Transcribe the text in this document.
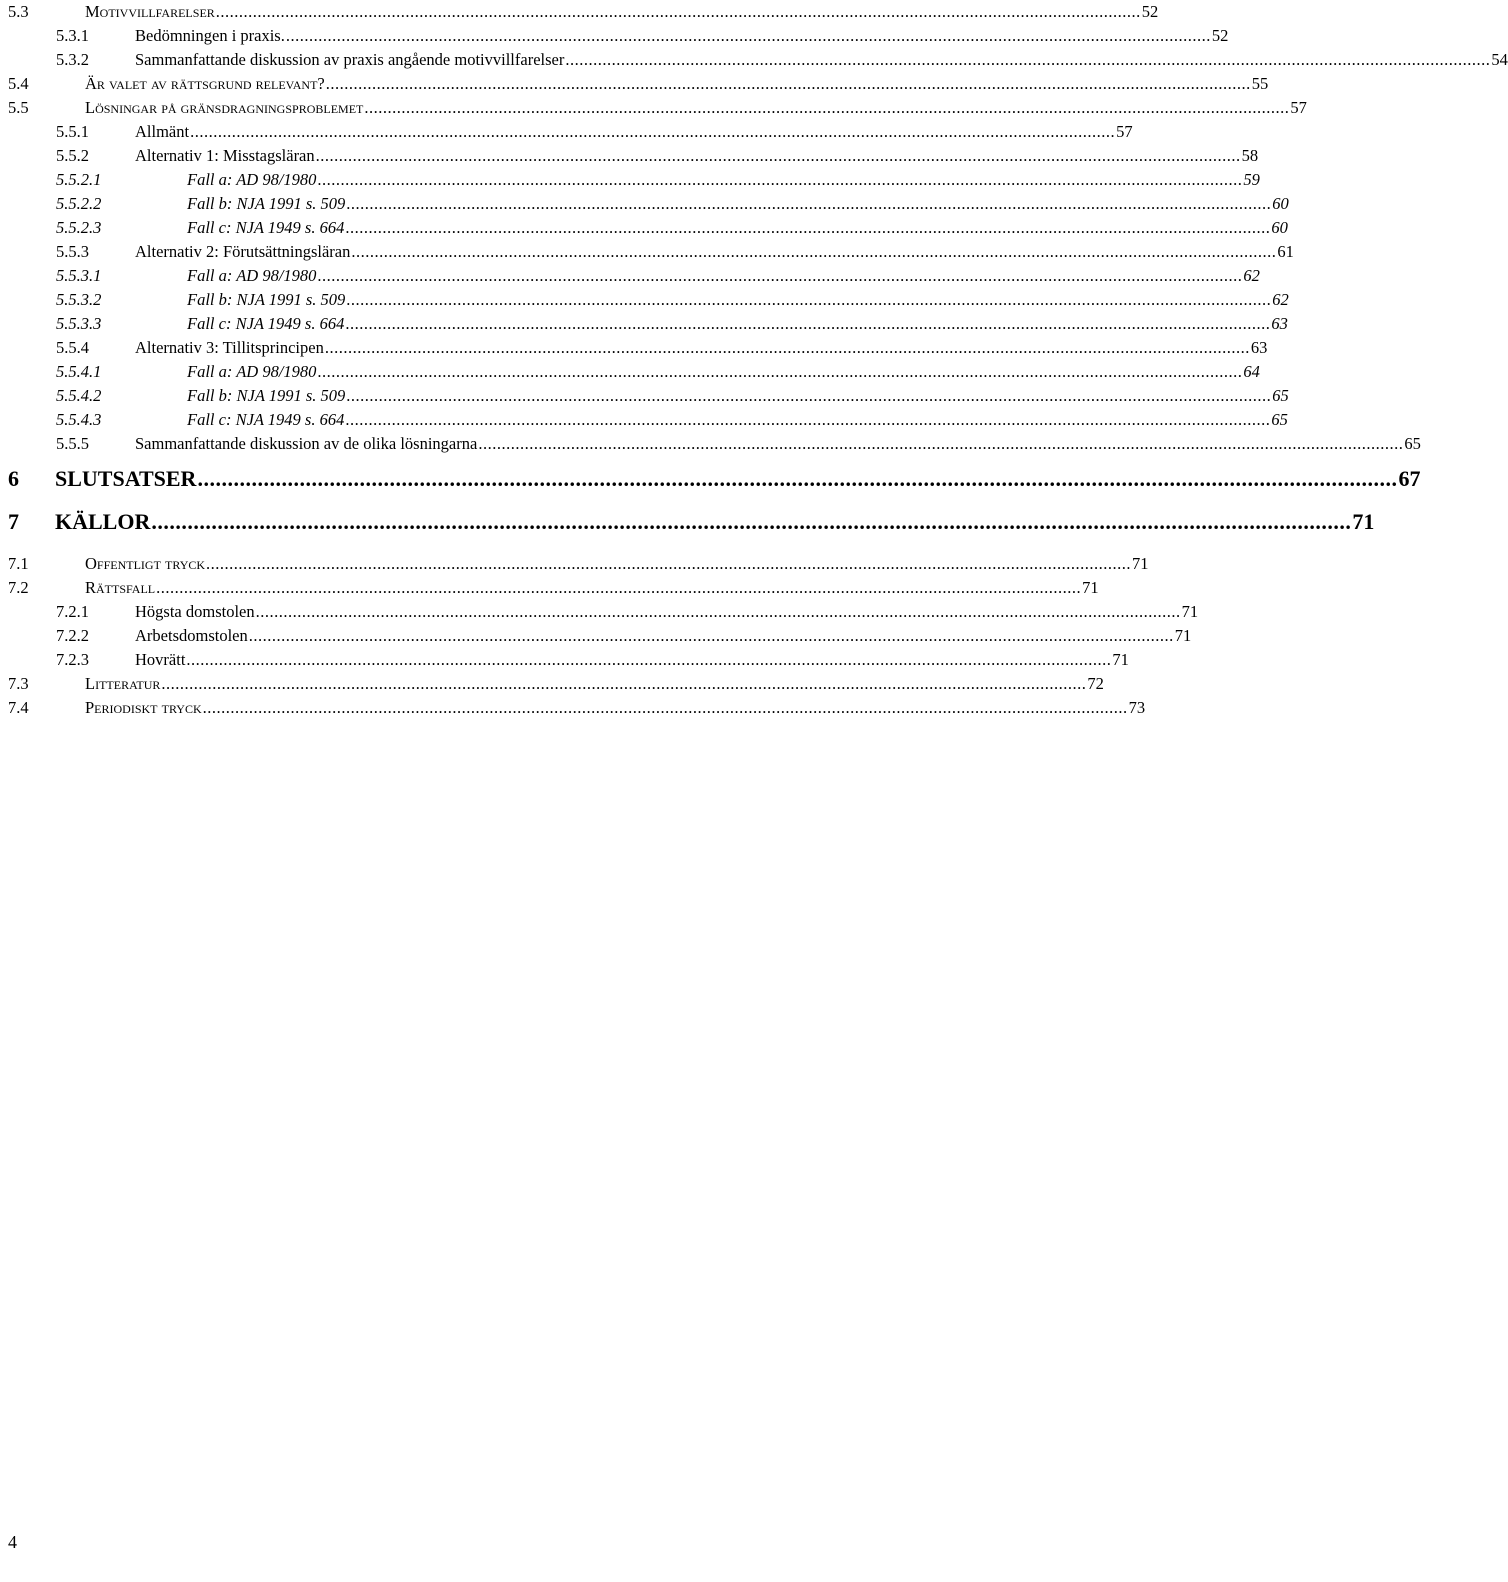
5.3	Motivvillfarelser ........................................................................................................................................................................................................ 52
5.3.1	Bedömningen i praxis. ........................................................................................................................................................................................................ 52
5.3.2	Sammanfattande diskussion av praxis angående motivvillfarelser ........................................................................................................................................................................................................ 54
5.4	Är valet av rättsgrund relevant? ........................................................................................................................................................................................................ 55
5.5	Lösningar på gränsdragningsproblemet ........................................................................................................................................................................................................ 57
5.5.1	Allmänt ........................................................................................................................................................................................................ 57
5.5.2	Alternativ 1: Misstagsläran ........................................................................................................................................................................................................ 58
5.5.2.1	Fall a: AD 98/1980 ........................................................................................................................................................................................................ 59
5.5.2.2	Fall b: NJA 1991 s. 509 ........................................................................................................................................................................................................ 60
5.5.2.3	Fall c: NJA 1949 s. 664 ........................................................................................................................................................................................................ 60
5.5.3	Alternativ 2: Förutsättningsläran ........................................................................................................................................................................................................ 61
5.5.3.1	Fall a: AD 98/1980 ........................................................................................................................................................................................................ 62
5.5.3.2	Fall b: NJA 1991 s. 509 ........................................................................................................................................................................................................ 62
5.5.3.3	Fall c: NJA 1949 s. 664 ........................................................................................................................................................................................................ 63
5.5.4	Alternativ 3: Tillitsprincipen ........................................................................................................................................................................................................ 63
5.5.4.1	Fall a: AD 98/1980 ........................................................................................................................................................................................................ 64
5.5.4.2	Fall b: NJA 1991 s. 509 ........................................................................................................................................................................................................ 65
5.5.4.3	Fall c: NJA 1949 s. 664 ........................................................................................................................................................................................................ 65
5.5.5	Sammanfattande diskussion av de olika lösningarna ........................................................................................................................................................................................................ 65
6 SLUTSATSER ........................................................................................................................................................................................................ 67
7 KÄLLOR ........................................................................................................................................................................................................ 71
7.1	Offentligt tryck ........................................................................................................................................................................................................ 71
7.2	Rättsfall ........................................................................................................................................................................................................ 71
7.2.1	Högsta domstolen ........................................................................................................................................................................................................ 71
7.2.2	Arbetsdomstolen ........................................................................................................................................................................................................ 71
7.2.3	Hovrätt ........................................................................................................................................................................................................ 71
7.3	Litteratur ........................................................................................................................................................................................................ 72
7.4	Periodiskt tryck ........................................................................................................................................................................................................ 73
4
